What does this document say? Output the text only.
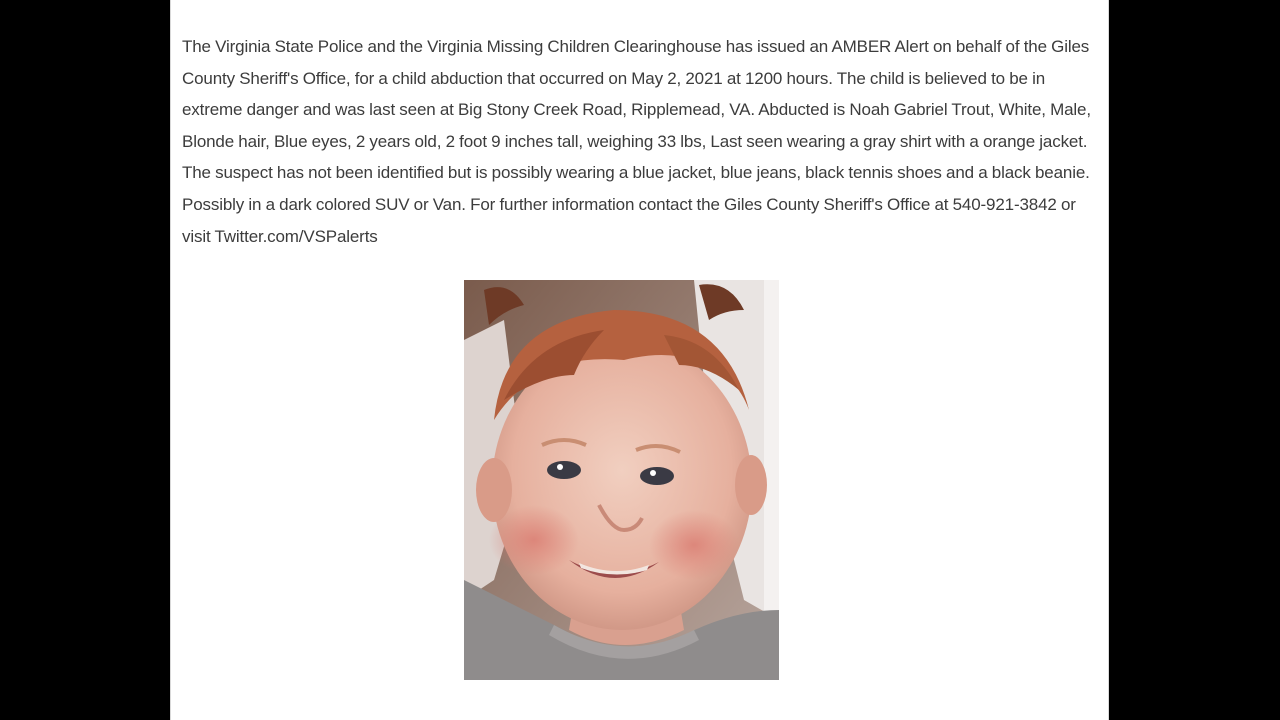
The Virginia State Police and the Virginia Missing Children Clearinghouse has issued an AMBER Alert on behalf of the Giles County Sheriff's Office, for a child abduction that occurred on May 2, 2021 at 1200 hours. The child is believed to be in extreme danger and was last seen at Big Stony Creek Road, Ripplemead, VA. Abducted is Noah Gabriel Trout, White, Male, Blonde hair, Blue eyes, 2 years old, 2 foot 9 inches tall, weighing 33 lbs, Last seen wearing a gray shirt with a orange jacket. The suspect has not been identified but is possibly wearing a blue jacket, blue jeans, black tennis shoes and a black beanie. Possibly in a dark colored SUV or Van. For further information contact the Giles County Sheriff's Office at 540-921-3842 or visit Twitter.com/VSPalerts
